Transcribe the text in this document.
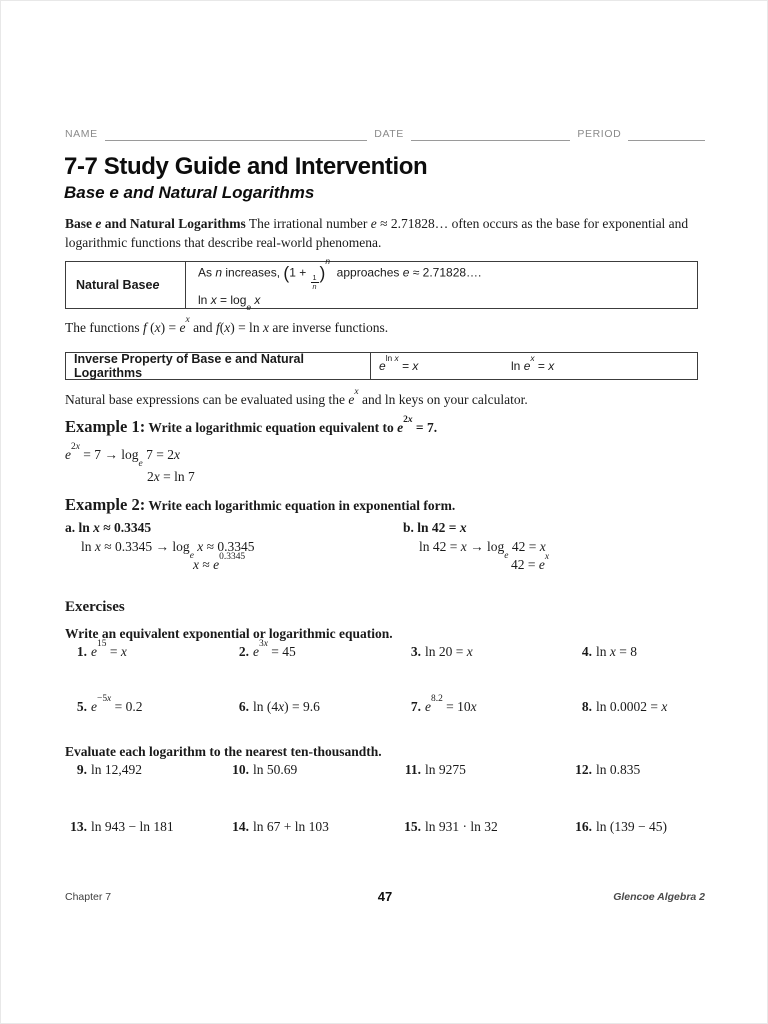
NAME	DATE	PERIOD
7-7 Study Guide and Intervention
Base e and Natural Logarithms
Base e and Natural Logarithms The irrational number e ≈ 2.71828… often occurs as the base for exponential and logarithmic functions that describe real-world phenomena.
Natural Base e
As n increases, (1 +
$\frac{1}{n} )^n$  approaches e ≈ 2.71828….
$\ln x = \log_e x$
The functions f $(x) = e^x$ and f(x) = ln x are inverse functions.
Inverse Property of Base e and Natural Logarithms	$e^{ln x} = x$	$\ln e^x = x$
Natural base expressions can be evaluated using the $e^x$ and ln keys on your calculator.
Example 1: Write a logarithmic equation equivalent to $e^{2x} = 7$.
$e^{2x} = 7 \to \log_e 7 = 2x$
2x = ln 7
Example 2: Write each logarithmic equation in exponential form.
a. ln x ≈ 0.3345
$\ln x \approx 0.3345 \to \log_e x \approx 0.3345$
$x \approx e^{0.3345}$
b. ln 42 = x
$\ln 42 = x \to \log_e 42 = x$
$42 = e^x$
Exercises
Write an equivalent exponential or logarithmic equation.
1. $e^{15} = x$	2. $e^{3x} = 45$	3. ln 20 = x	4. ln x = 8
5. $e^{-5x} = 0.2$	6. ln (4x) = 9.6	7. $e^{8.2} = 10x$	8. ln 0.0002 = x
Evaluate each logarithm to the nearest ten-thousandth.
9. ln 12,492	10. ln 50.69	11. ln 9275	12. ln 0.835
13. ln 943 − ln 181	14. ln 67 + ln 103	15. ln 931 · ln 32	16. ln (139 − 45)
Chapter 7	47	Glencoe Algebra 2
